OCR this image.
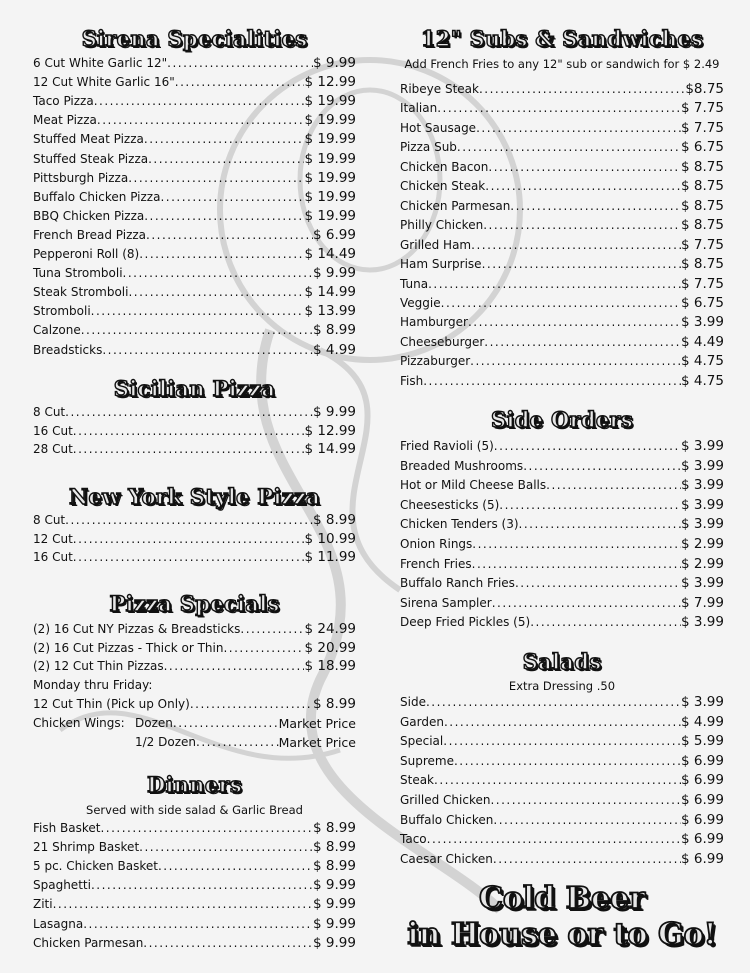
Sirena Specialities
6 Cut White Garlic 12" .....	$ 9.99
12 Cut White Garlic 16" .....	$ 12.99
Taco Pizza .....	$ 19.99
Meat Pizza .....	$ 19.99
Stuffed Meat Pizza .....	$ 19.99
Stuffed Steak Pizza .....	$ 19.99
Pittsburgh Pizza .....	$ 19.99
Buffalo Chicken Pizza .....	$ 19.99
BBQ Chicken Pizza .....	$ 19.99
French Bread Pizza .....	$ 6.99
Pepperoni Roll (8) .....	$ 14.49
Tuna Stromboli .....	$ 9.99
Steak Stromboli .....	$ 14.99
Stromboli .....	$ 13.99
Calzone .....	$ 8.99
Breadsticks .....	$ 4.99
Sicilian Pizza
8 Cut .....	$ 9.99
16 Cut .....	$ 12.99
28 Cut .....	$ 14.99
New York Style Pizza
8 Cut .....	$ 8.99
12 Cut .....	$ 10.99
16 Cut .....	$ 11.99
Pizza Specials
(2) 16 Cut NY Pizzas & Breadsticks .....	$ 24.99
(2) 16 Cut Pizzas - Thick or Thin .....	$ 20.99
(2) 12 Cut Thin Pizzas .....	$ 18.99
Monday thru Friday:
12 Cut Thin (Pick up Only) .....	$ 8.99
Chicken Wings: Dozen .....	Market Price
1/2 Dozen .....	Market Price
Dinners
Served with side salad & Garlic Bread
Fish Basket .....	$ 8.99
21 Shrimp Basket .....	$ 8.99
5 pc. Chicken Basket .....	$ 8.99
Spaghetti .....	$ 9.99
Ziti .....	$ 9.99
Lasagna .....	$ 9.99
Chicken Parmesan .....	$ 9.99
12" Subs & Sandwiches
Add French Fries to any 12" sub or sandwich for $ 2.49
Ribeye Steak .....	$8.75
Italian .....	$ 7.75
Hot Sausage .....	$ 7.75
Pizza Sub .....	$ 6.75
Chicken Bacon .....	$ 8.75
Chicken Steak .....	$ 8.75
Chicken Parmesan .....	$ 8.75
Philly Chicken .....	$ 8.75
Grilled Ham .....	$ 7.75
Ham Surprise .....	$ 8.75
Tuna .....	$ 7.75
Veggie .....	$ 6.75
Hamburger .....	$ 3.99
Cheeseburger .....	$ 4.49
Pizzaburger .....	$ 4.75
Fish .....	$ 4.75
Side Orders
Fried Ravioli (5) .....	$ 3.99
Breaded Mushrooms .....	$ 3.99
Hot or Mild Cheese Balls .....	$ 3.99
Cheesesticks (5) .....	$ 3.99
Chicken Tenders (3) .....	$ 3.99
Onion Rings .....	$ 2.99
French Fries .....	$ 2.99
Buffalo Ranch Fries .....	$ 3.99
Sirena Sampler .....	$ 7.99
Deep Fried Pickles (5) .....	$ 3.99
Salads
Extra Dressing .50
Side .....	$ 3.99
Garden .....	$ 4.99
Special .....	$ 5.99
Supreme .....	$ 6.99
Steak .....	$ 6.99
Grilled Chicken .....	$ 6.99
Buffalo Chicken .....	$ 6.99
Taco .....	$ 6.99
Caesar Chicken .....	$ 6.99
Cold Beer
in House or to Go!
